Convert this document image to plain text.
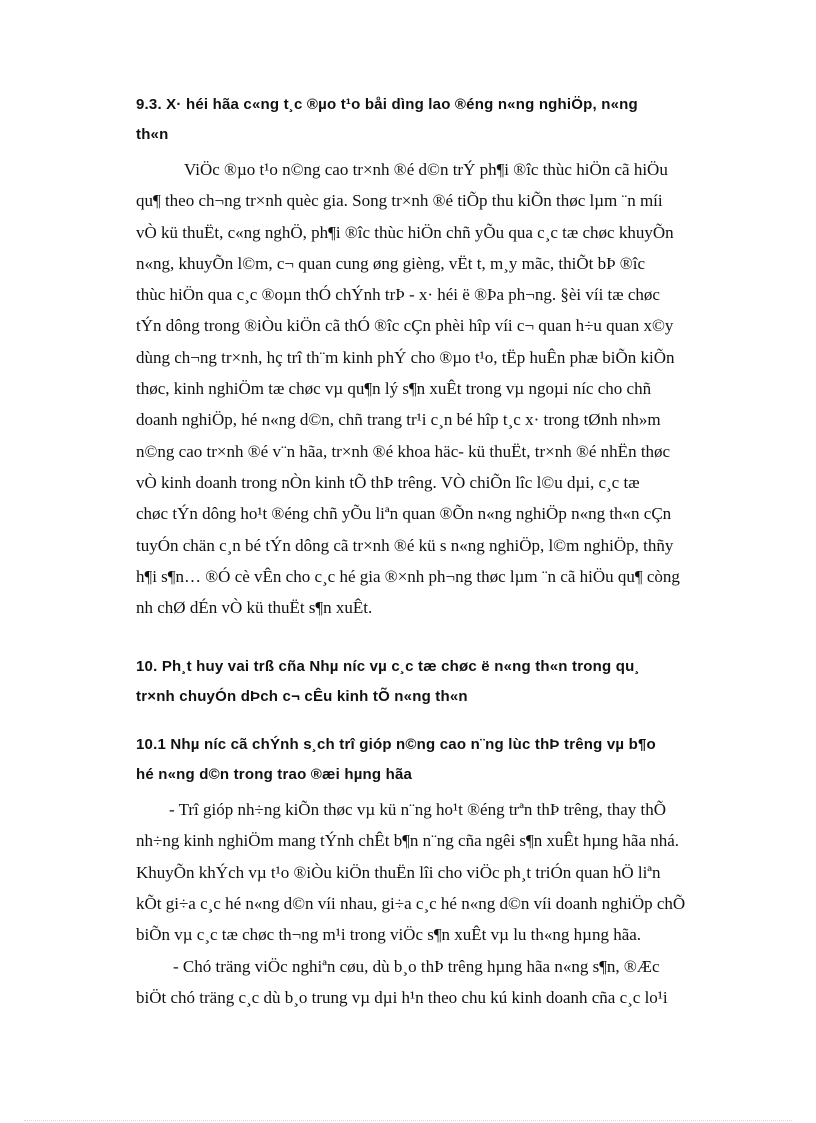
9.3. X· héi hãa c«ng t¸c ®µo t¹o båi dìng lao ®éng n«ng nghiÖp, n«ng
th«n
ViÖc ®µo t¹o n©ng cao tr×nh ®é d©n trÝ ph¶i ®îc thùc hiÖn cã hiÖu
qu¶ theo ch¬ng tr×nh quèc gia. Song tr×nh ®é tiÕp thu kiÕn thøc lµm ¨n míi
vÒ kü thuËt, c«ng nghÖ, ph¶i ®îc thùc hiÖn chñ yÕu qua c¸c tæ chøc khuyÕn
n«ng, khuyÕn l©m, c¬ quan cung øng gièng, vËt t, m¸y mãc, thiÕt bÞ ®îc
thùc hiÖn qua c¸c ®oµn thÓ chÝnh trÞ - x· héi ë ®Þa ph¬ng. §èi víi tæ chøc
tÝn dông trong ®iÒu kiÖn cã thÓ ®îc cÇn phèi hîp víi c¬ quan h÷u quan x©y
dùng ch¬ng tr×nh, hç trî th¨m kinh phÝ cho ®µo t¹o, tËp huÊn phæ biÕn kiÕn
thøc, kinh nghiÖm tæ chøc vµ qu¶n lý s¶n xuÊt trong vµ ngoµi níc cho chñ
doanh nghiÖp, hé n«ng d©n, chñ trang tr¹i c¸n bé hîp t¸c x· trong tØnh nh»m
n©ng cao tr×nh ®é v¨n hãa, tr×nh ®é khoa häc- kü thuËt, tr×nh ®é nhËn thøc
vÒ kinh doanh trong nÒn kinh tÕ thÞ trêng. VÒ chiÕn lîc l©u dµi, c¸c tæ
chøc tÝn dông ho¹t ®éng chñ yÕu liªn quan ®Õn n«ng nghiÖp n«ng th«n cÇn
tuyÓn chän c¸n bé tÝn dông cã tr×nh ®é kü s n«ng nghiÖp, l©m nghiÖp, thñy
h¶i s¶n… ®Ó cè vÊn cho c¸c hé gia ®×nh ph¬ng thøc lµm ¨n cã hiÖu qu¶ còng
nh chØ dÉn vÒ kü thuËt s¶n xuÊt.
10. Ph¸t huy vai trß cña Nhµ níc vµ c¸c tæ chøc ë n«ng th«n trong qu¸
tr×nh chuyÓn dÞch c¬ cÊu kinh tÕ n«ng th«n
10.1 Nhµ níc cã chÝnh s¸ch trî gióp n©ng cao n¨ng lùc thÞ trêng vµ b¶o
hé n«ng d©n trong trao ®æi hµng hãa
- Trî gióp nh÷ng kiÕn thøc vµ kü n¨ng ho¹t ®éng trªn thÞ trêng, thay thÕ
nh÷ng kinh nghiÖm mang tÝnh chÊt b¶n n¨ng cña ngêi s¶n xuÊt hµng hãa nhá.
KhuyÕn khÝch vµ t¹o ®iÒu kiÖn thuËn lîi cho viÖc ph¸t triÓn quan hÖ liªn
kÕt gi÷a c¸c hé n«ng d©n víi nhau, gi÷a c¸c hé n«ng d©n víi doanh nghiÖp chÕ
biÕn vµ c¸c tæ chøc th¬ng m¹i trong viÖc s¶n xuÊt vµ lu th«ng hµng hãa.
- Chó träng viÖc nghiªn cøu, dù b¸o thÞ trêng hµng hãa n«ng s¶n, ®Æc
biÖt chó träng c¸c dù b¸o trung vµ dµi h¹n theo chu kú kinh doanh cña c¸c lo¹i
